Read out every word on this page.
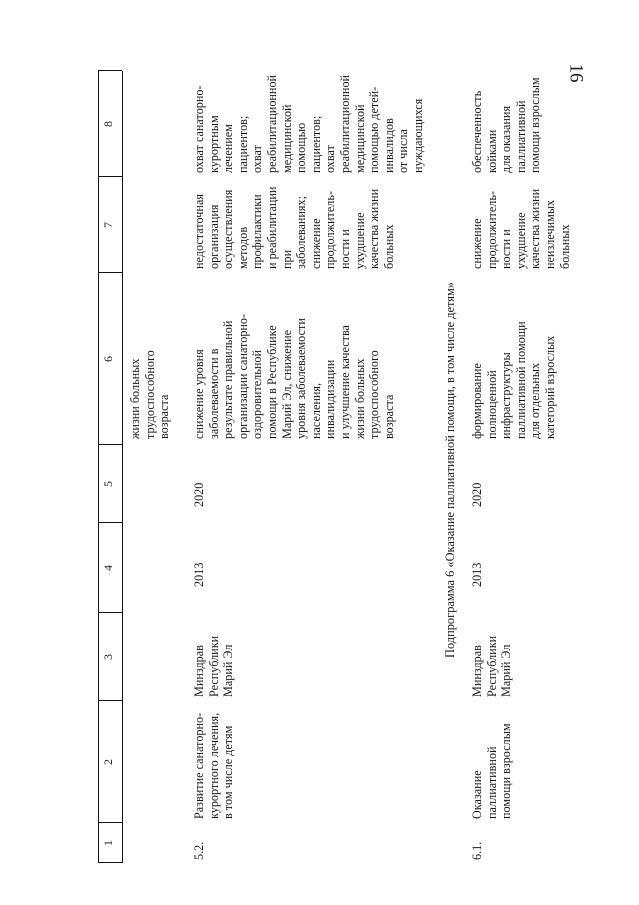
16
1
2
3
4
5
6
7
8
жизни больных трудоспособного возраста
5.2.
Развитие санаторно- курортного лечения, в том числе детям
Минздрав Республики Марий Эл
2013
2020
снижение уровня заболеваемости в результате правильной организации санаторно- оздоровительной помощи в Республике Марий Эл, снижение уровня заболеваемости населения, инвалидизации и улучшение качества жизни больных трудоспособного возраста
недостаточная организация осуществления методов профилактики и реабилитации при заболеваниях; снижение продолжитель- ности и ухудшение качества жизни больных
охват санаторно- курортным лечением пациентов; охват реабилитационной медицинской помощью пациентов; охват реабилитационной медицинской помощью детей- инвалидов от числа нуждающихся
Подпрограмма 6 «Оказание паллиативной помощи, в том числе детям»
6.1.
Оказание паллиативной помощи взрослым
Минздрав Республики Марий Эл
2013
2020
формирование полноценной инфраструктуры паллиативной помощи для отдельных категорий взрослых
снижение продолжитель- ности и ухудшение качества жизни неизлечимых больных
обеспеченность койками для оказания паллиативной помощи взрослым
